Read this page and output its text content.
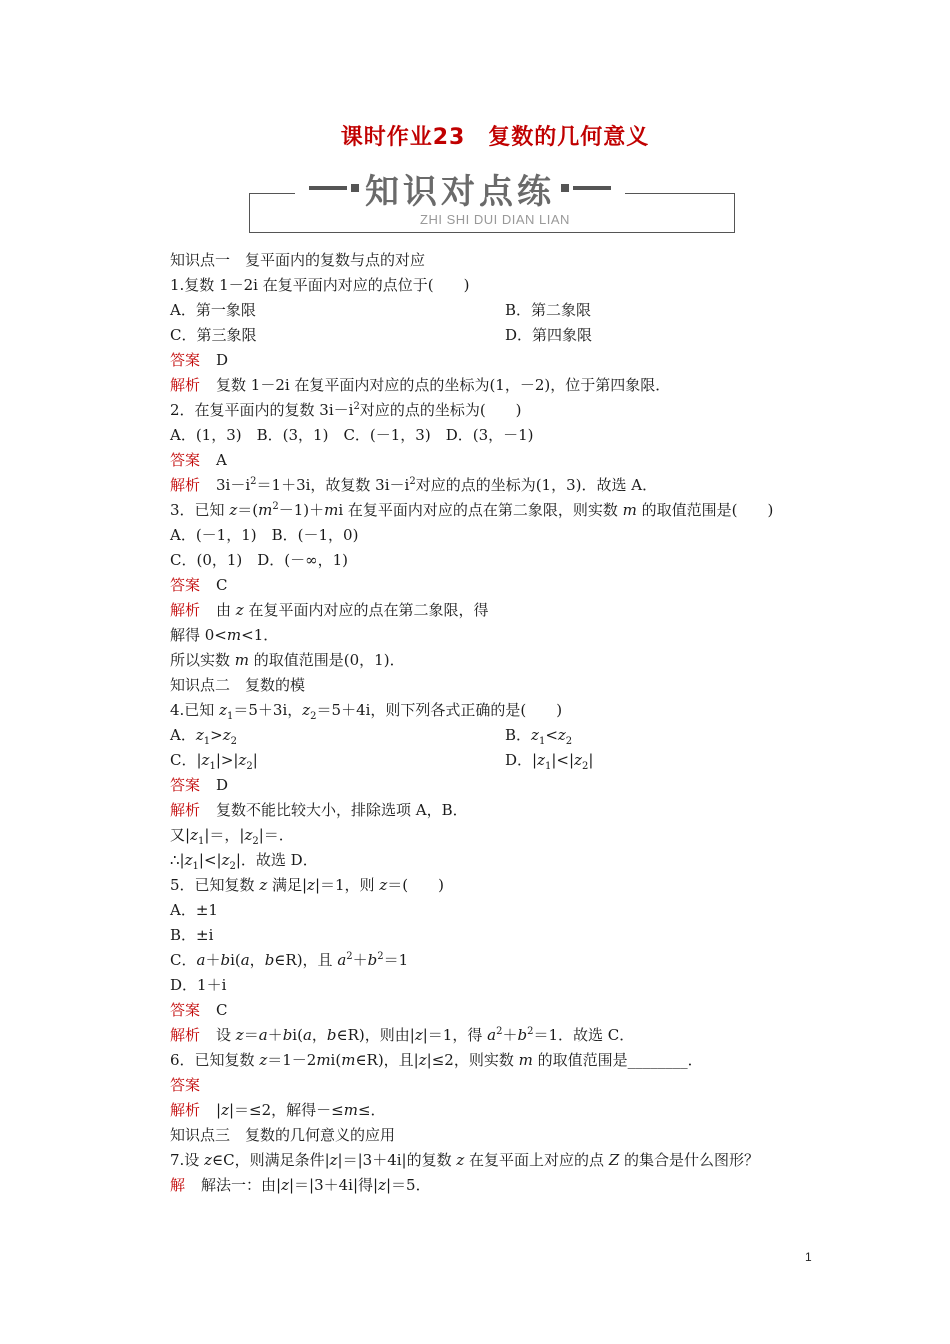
课时作业23　复数的几何意义
知识对点练
ZHI SHI DUI DIAN LIAN
知识点一　复平面内的复数与点的对应
1.复数 1－2i 在复平面内对应的点位于(　　)
A．第一象限	B．第二象限
C．第三象限	D．第四象限
答案 D
解析 复数 1－2i 在复平面内对应的点的坐标为(1，－2)，位于第四象限．
2．在复平面内的复数 $3i-i^2$对应的点的坐标为(　　)
A．(1，3)　B．(3，1)　C．(－1，3)　D．(3，－1)
答案 A
解析 $3i-i^2=1+3i$，故复数 $3i-i^2$对应的点的坐标为(1，3)．故选 A．
3．已知 $z=(m^2-1)+mi$ 在复平面内对应的点在第二象限，则实数 m 的取值范围是(　　)
A．(－1，1)　B．(－1，0)
C．(0，1)　D．(－∞，1)
答案 C
解析 由 z 在复平面内对应的点在第二象限，得
解得 0<m<1．
所以实数 m 的取值范围是(0，1)．
知识点二　复数的模
4.已知 $z_1=5+3i$，$z_2=5+4i$，则下列各式正确的是(　　)
A．$z_1>z_2$	B．$z_1<z_2$
C．$|z_1|>|z_2|$	D．$|z_1|<|z_2|$
答案 D
解析 复数不能比较大小，排除选项 A，B．
又$|z_1|=$，$|z_2|=$．
$\therefore|z_1|<|z_2|$．故选 D．
5．已知复数 z 满足|z|＝1，则 z＝(　　)
A．±1
B．±i
C．a＋bi(a，b∈R)，且 $a^2+b^2=1$
D．1＋i
答案 C
解析 设 z＝a＋bi(a，b∈R)，则由|z|＝1，得 $a^2+b^2=1$．故选 C．
6．已知复数 z＝1－2mi(m∈R)，且|z|≤2，则实数 m 的取值范围是________．
答案
解析 |z|＝≤2，解得－≤m≤．
知识点三　复数的几何意义的应用
7.设 z∈C，则满足条件|z|＝|3＋4i|的复数 z 在复平面上对应的点 Z 的集合是什么图形？
解 解法一：由|z|＝|3＋4i|得|z|＝5．
1
